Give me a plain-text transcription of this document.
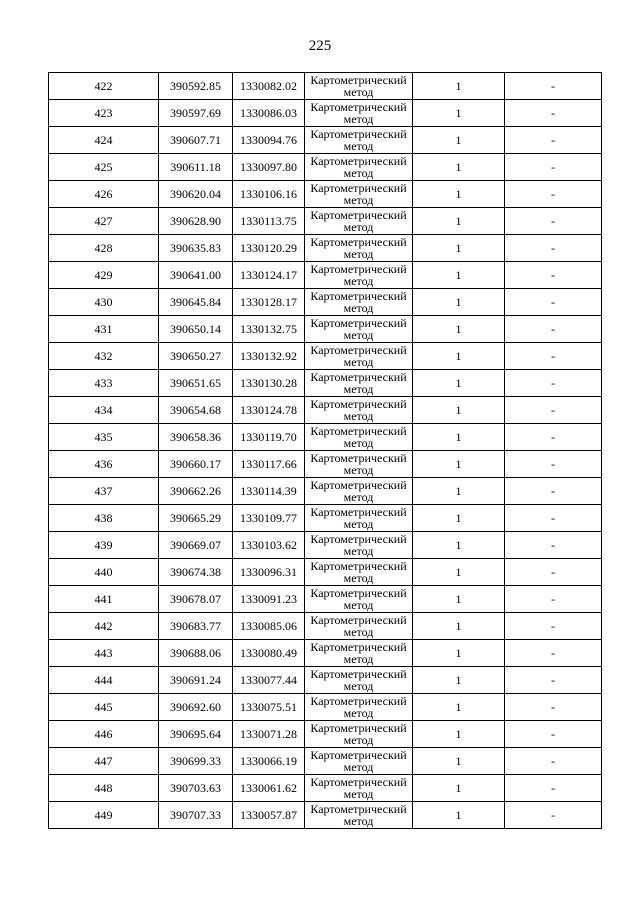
225
422	390592.85	1330082.02	Картометрический
метод	1	-
423	390597.69	1330086.03	Картометрический
метод	1	-
424	390607.71	1330094.76	Картометрический
метод	1	-
425	390611.18	1330097.80	Картометрический
метод	1	-
426	390620.04	1330106.16	Картометрический
метод	1	-
427	390628.90	1330113.75	Картометрический
метод	1	-
428	390635.83	1330120.29	Картометрический
метод	1	-
429	390641.00	1330124.17	Картометрический
метод	1	-
430	390645.84	1330128.17	Картометрический
метод	1	-
431	390650.14	1330132.75	Картометрический
метод	1	-
432	390650.27	1330132.92	Картометрический
метод	1	-
433	390651.65	1330130.28	Картометрический
метод	1	-
434	390654.68	1330124.78	Картометрический
метод	1	-
435	390658.36	1330119.70	Картометрический
метод	1	-
436	390660.17	1330117.66	Картометрический
метод	1	-
437	390662.26	1330114.39	Картометрический
метод	1	-
438	390665.29	1330109.77	Картометрический
метод	1	-
439	390669.07	1330103.62	Картометрический
метод	1	-
440	390674.38	1330096.31	Картометрический
метод	1	-
441	390678.07	1330091.23	Картометрический
метод	1	-
442	390683.77	1330085.06	Картометрический
метод	1	-
443	390688.06	1330080.49	Картометрический
метод	1	-
444	390691.24	1330077.44	Картометрический
метод	1	-
445	390692.60	1330075.51	Картометрический
метод	1	-
446	390695.64	1330071.28	Картометрический
метод	1	-
447	390699.33	1330066.19	Картометрический
метод	1	-
448	390703.63	1330061.62	Картометрический
метод	1	-
449	390707.33	1330057.87	Картометрический
метод	1	-
